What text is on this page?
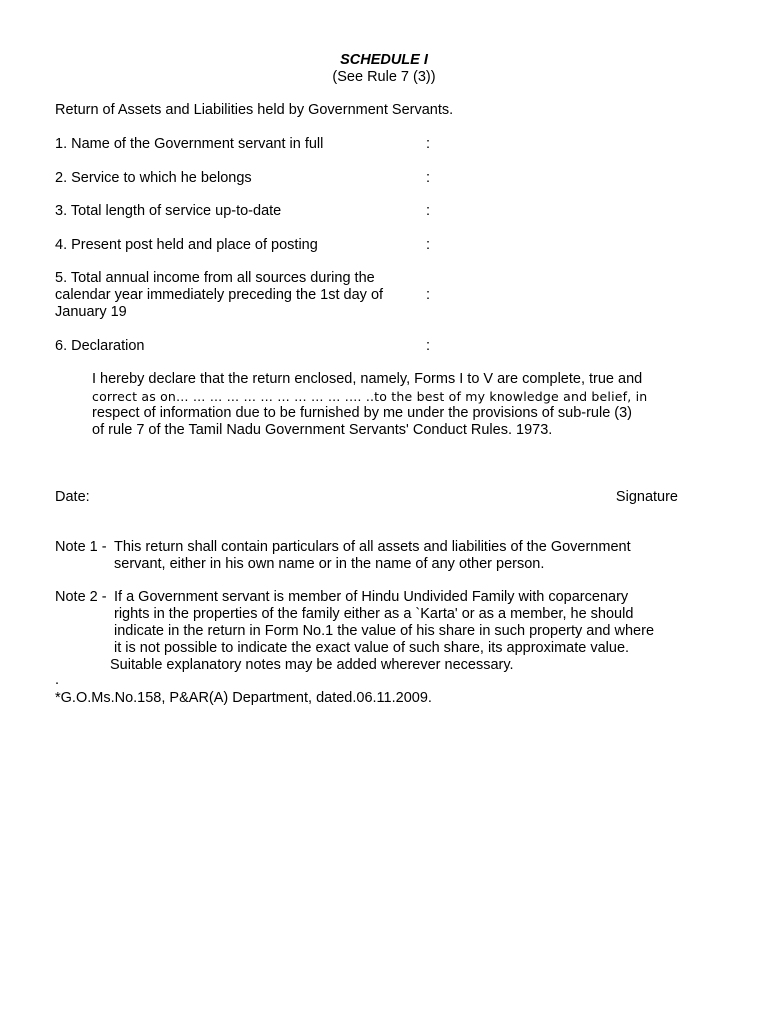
SCHEDULE I
(See Rule 7 (3))
Return of Assets and Liabilities held by Government Servants.
1. Name of the Government servant in full	:
2. Service to which he belongs	:
3. Total length of service up-to-date	:
4. Present post held and place of posting	:
5. Total annual income from all sources during the
calendar year immediately preceding the 1st day of
January 19
:
6. Declaration	:
I hereby declare that the return enclosed, namely, Forms I to V are complete, true and
correct as on… … … … … … … … … … .… ..to the best of my knowledge and belief, in
respect of information due to be furnished by me under the provisions of sub-rule (3)
of rule 7 of the Tamil Nadu Government Servants' Conduct Rules. 1973.
Date:	Signature
Note 1 - This return shall contain particulars of all assets and liabilities of the Government
servant, either in his own name or in the name of any other person.
Note 2 - If a Government servant is member of Hindu Undivided Family with coparcenary
rights in the properties of the family either as a `Karta' or as a member, he should
indicate in the return in Form No.1 the value of his share in such property and where
it is not possible to indicate the exact value of such share, its approximate value.
Suitable explanatory notes may be added wherever necessary.
.
*G.O.Ms.No.158, P&AR(A) Department, dated.06.11.2009.
